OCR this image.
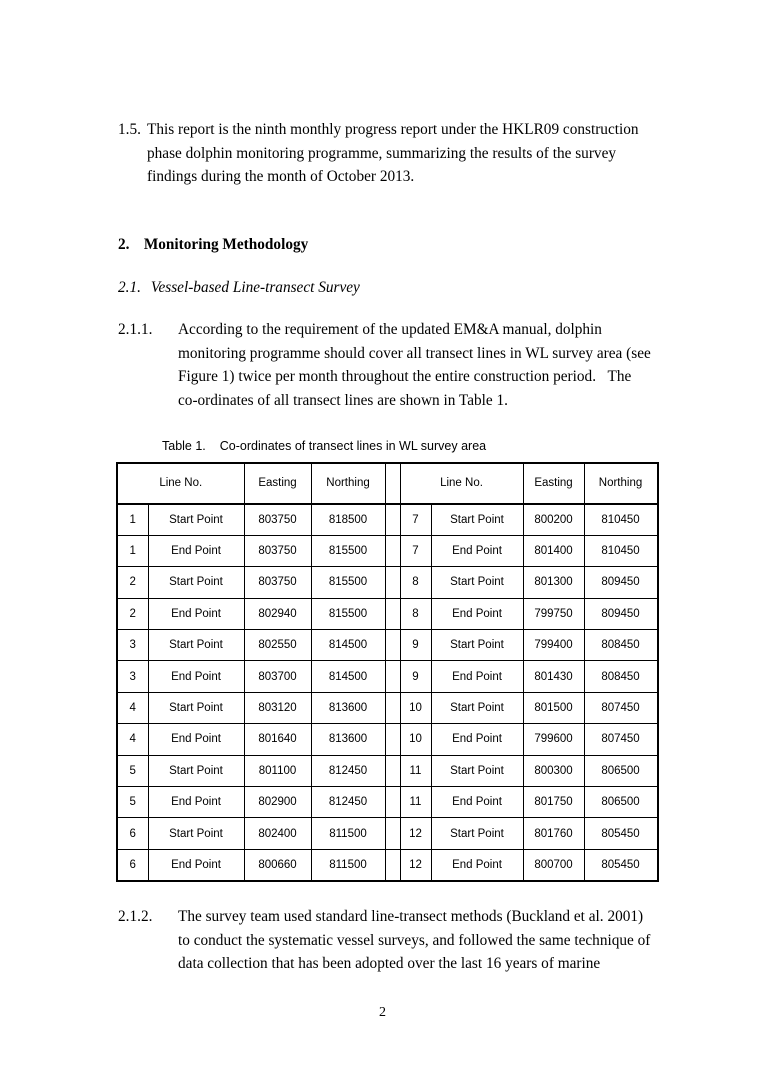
1.5. This report is the ninth monthly progress report under the HKLR09 construction
phase dolphin monitoring programme, summarizing the results of the survey
findings during the month of October 2013.
2. Monitoring Methodology
2.1. Vessel-based Line-transect Survey
2.1.1. According to the requirement of the updated EM&A manual, dolphin
monitoring programme should cover all transect lines in WL survey area (see
Figure 1) twice per month throughout the entire construction period.   The
co-ordinates of all transect lines are shown in Table 1.
Table 1. Co-ordinates of transect lines in WL survey area
Line No.		Easting	Northing		Line No.		Easting	Northing

1	Start Point	803750	818500		7	Start Point	800200	810450
1	End Point	803750	815500		7	End Point	801400	810450
2	Start Point	803750	815500		8	Start Point	801300	809450
2	End Point	802940	815500		8	End Point	799750	809450
3	Start Point	802550	814500		9	Start Point	799400	808450
3	End Point	803700	814500		9	End Point	801430	808450
4	Start Point	803120	813600		10	Start Point	801500	807450
4	End Point	801640	813600		10	End Point	799600	807450
5	Start Point	801100	812450		11	Start Point	800300	806500
5	End Point	802900	812450		11	End Point	801750	806500
6	Start Point	802400	811500		12	Start Point	801760	805450
6	End Point	800660	811500		12	End Point	800700	805450
2.1.2. The survey team used standard line-transect methods (Buckland et al. 2001)
to conduct the systematic vessel surveys, and followed the same technique of
data collection that has been adopted over the last 16 years of marine
2
